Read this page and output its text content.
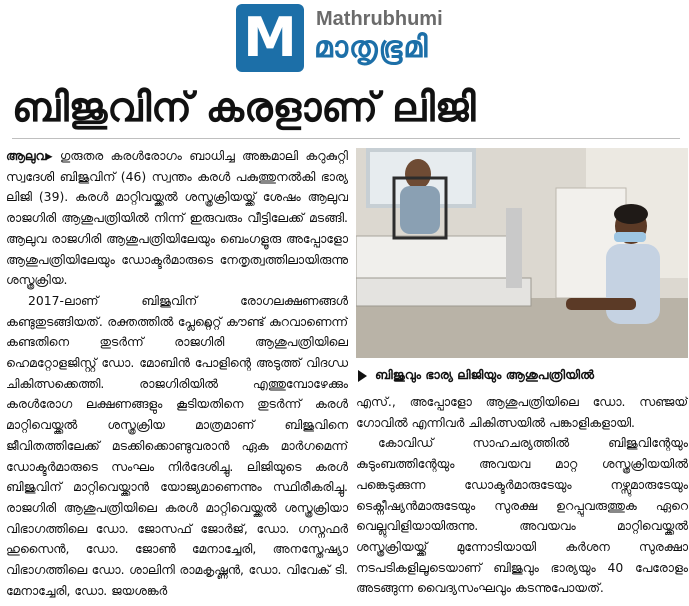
M Mathrubhumi
മാതൃഭൂമി
ബിജുവിന് കരളാണ് ലിജി

ആലുവ▸ ഗുരുതര കരൾരോഗം ബാധിച്ച അങ്കമാലി കറുകുറ്റി സ്വദേശി ബിജുവിന് (46) സ്വന്തം കരൾ പകുത്തുനൽകി ഭാര്യ ലിജി (39). കരൾ മാറ്റിവയ്ക്കൽ ശസ്ത്രക്രിയയ്ക്ക് ശേഷം ആലുവ രാജഗിരി ആശുപത്രിയിൽ നിന്ന് ഇരുവരും വീട്ടിലേക്ക് മടങ്ങി. ആലുവ രാജഗിരി ആശുപത്രിയിലേയും ബെംഗളൂരു അപ്പോളോ ആശുപത്രിയിലേയും ഡോക്ടർമാരുടെ നേതൃത്വത്തിലായിരുന്നു ശസ്ത്രക്രിയ.

2017-ലാണ് ബിജുവിന് രോഗലക്ഷണങ്ങൾ കണ്ടുതുടങ്ങിയത്. രക്തത്തിൽ പ്ലേറ്റ്ലെറ്റ് കൗണ്ട് കുറവാണെന്ന് കണ്ടതിനെ തുടർന്ന് രാജഗിരി ആശുപത്രിയിലെ ഹെമറ്റോളജിസ്റ്റ് ഡോ. മോബിൻ പോളിന്റെ അടുത്ത് വിദഗ്ധ ചികിത്സക്കെത്തി. രാജഗിരിയിൽ എത്തുമ്പോഴേക്കും കരൾരോഗ ലക്ഷണങ്ങളും കൂടിയതിനെ തുടർന്ന് കരൾ മാറ്റിവെയ്ക്കൽ ശസ്ത്രക്രിയ മാത്രമാണ് ബിജുവിനെ ജീവിതത്തിലേക്ക് മടക്കിക്കൊണ്ടുവരാൻ ഏക മാർഗമെന്ന് ഡോക്ടർമാരുടെ സംഘം നിർദേശിച്ചു. ലിജിയുടെ കരൾ ബിജുവിന് മാറ്റിവെയ്ക്കാൻ യോജ്യമാണെന്നും സ്ഥിരീകരിച്ചു. രാജഗിരി ആശുപത്രിയിലെ കരൾ മാറ്റിവെയ്ക്കൽ ശസ്ത്രക്രിയാ വിഭാഗത്തിലെ ഡോ. ജോസഫ് ജോർജ്, ഡോ. ഗസ്നഫർ ഹുസൈൻ, ഡോ. ജോൺ മേനാച്ചേരി, അനസ്തേഷ്യാ വിഭാഗത്തിലെ ഡോ. ശാലിനി രാമകൃഷ്ണൻ, ഡോ. വിവേക് ടി. മേനാച്ചേരി, ഡോ. ജയശങ്കർ

ബിജുവും ഭാര്യ ലിജിയും ആശുപത്രിയിൽ

എസ്., അപ്പോളോ ആശുപത്രിയിലെ ഡോ. സഞ്ജയ് ഗോവിൽ എന്നിവർ ചികിത്സയിൽ പങ്കാളികളായി.

കോവിഡ് സാഹചര്യത്തിൽ ബിജുവിന്റേയും കുടുംബത്തിന്റേയും അവയവ മാറ്റ ശസ്ത്രക്രിയയിൽ പങ്കെടുക്കുന്ന ഡോക്ടർമാരുടേയും നഴ്സുമാരുടേയും ടെക്നീഷ്യൻമാരുടേയും സുരക്ഷ ഉറപ്പുവരുത്തുക ഏറെ വെല്ലുവിളിയായിരുന്നു. അവയവം മാറ്റിവെയ്ക്കൽ ശസ്ത്രക്രിയയ്ക്ക് മുന്നോടിയായി കർശന സുരക്ഷാ നടപടികളിലൂടെയാണ് ബിജുവും ഭാര്യയും 40 പേരോളം അടങ്ങുന്ന വൈദ്യസംഘവും കടന്നുപോയത്.
